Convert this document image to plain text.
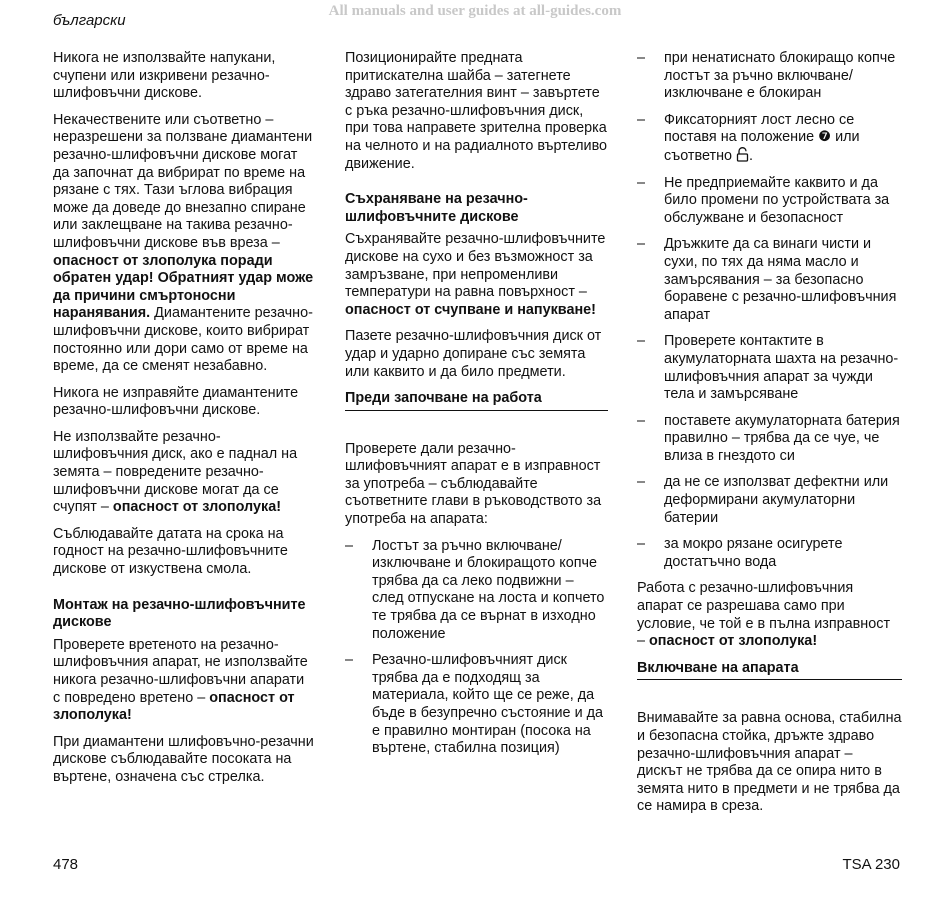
All manuals and user guides at all-guides.com
български

Никога не използвайте напукани, счупени или изкривени резачно-шлифовъчни дискове.

Некачествените или съответно – неразрешени за ползване диамантени резачно-шлифовъчни дискове могат да започнат да вибрират по време на рязане с тях. Тази ъглова вибрация може да доведе до внезапно спиране или заклещване на такива резачно-шлифовъчни дискове във вреза – опасност от злополука поради обратен удар! Обратният удар може да причини смъртоносни наранявания. Диамантените резачно-шлифовъчни дискове, които вибрират постоянно или дори само от време на време, да се сменят незабавно.

Никога не изправяйте диамантените резачно-шлифовъчни дискове.

Не използвайте резачно-шлифовъчния диск, ако е паднал на земята – повредените резачно-шлифовъчни дискове могат да се счупят – опасност от злополука!

Съблюдавайте датата на срока на годност на резачно-шлифовъчните дискове от изкуствена смола.

Монтаж на резачно-шлифовъчните дискове

Проверете вретеното на резачно-шлифовъчния апарат, не използвайте никога резачно-шлифовъчни апарати с повредено вретено – опасност от злополука!

При диамантени шлифовъчно-резачни дискове съблюдавайте посоката на въртене, означена със стрелка.

Позиционирайте предната притискателна шайба – затегнете здраво затегателния винт – завъртете с ръка резачно-шлифовъчния диск, при това направете зрителна проверка на челното и на радиалното въртеливо движение.

Съхраняване на резачно-шлифовъчните дискове

Съхранявайте резачно-шлифовъчните дискове на сухо и без възможност за замръзване, при непроменливи температури на равна повърхност – опасност от счупване и напукване!

Пазете резачно-шлифовъчния диск от удар и ударно допиране със земята или каквито и да било предмети.

Преди започване на работа

Проверете дали резачно-шлифовъчният апарат е в изправност за употреба – съблюдавайте съответните глави в ръководството за употреба на апарата:

– Лостът за ръчно включване/изключване и блокиращото копче трябва да са леко подвижни – след отпускане на лоста и копчето те трябва да се върнат в изходно положение
– Резачно-шлифовъчният диск трябва да е подходящ за материала, който ще се реже, да бъде в безупречно състояние и да е правилно монтиран (посока на въртене, стабилна позиция)
– при ненатиснато блокиращо копче лостът за ръчно включване/изключване е блокиран
– Фиксаторният лост лесно се поставя на положение ❼ или съответно .
– Не предприемайте каквито и да било промени по устройствата за обслужване и безопасност
– Дръжките да са винаги чисти и сухи, по тях да няма масло и замърсявания – за безопасно боравене с резачно-шлифовъчния апарат
– Проверете контактите в акумулаторната шахта на резачно-шлифовъчния апарат за чужди тела и замърсяване
– поставете акумулаторната батерия правилно – трябва да се чуе, че влиза в гнездото си
– да не се използват дефектни или деформирани акумулаторни батерии
– за мокро рязане осигурете достатъчно вода

Работа с резачно-шлифовъчния апарат се разрешава само при условие, че той е в пълна изправност – опасност от злополука!

Включване на апарата

Внимавайте за равна основа, стабилна и безопасна стойка, дръжте здраво резачно-шлифовъчния апарат – дискът не трябва да се опира нито в земята нито в предмети и не трябва да се намира в среза.

478	TSA 230
